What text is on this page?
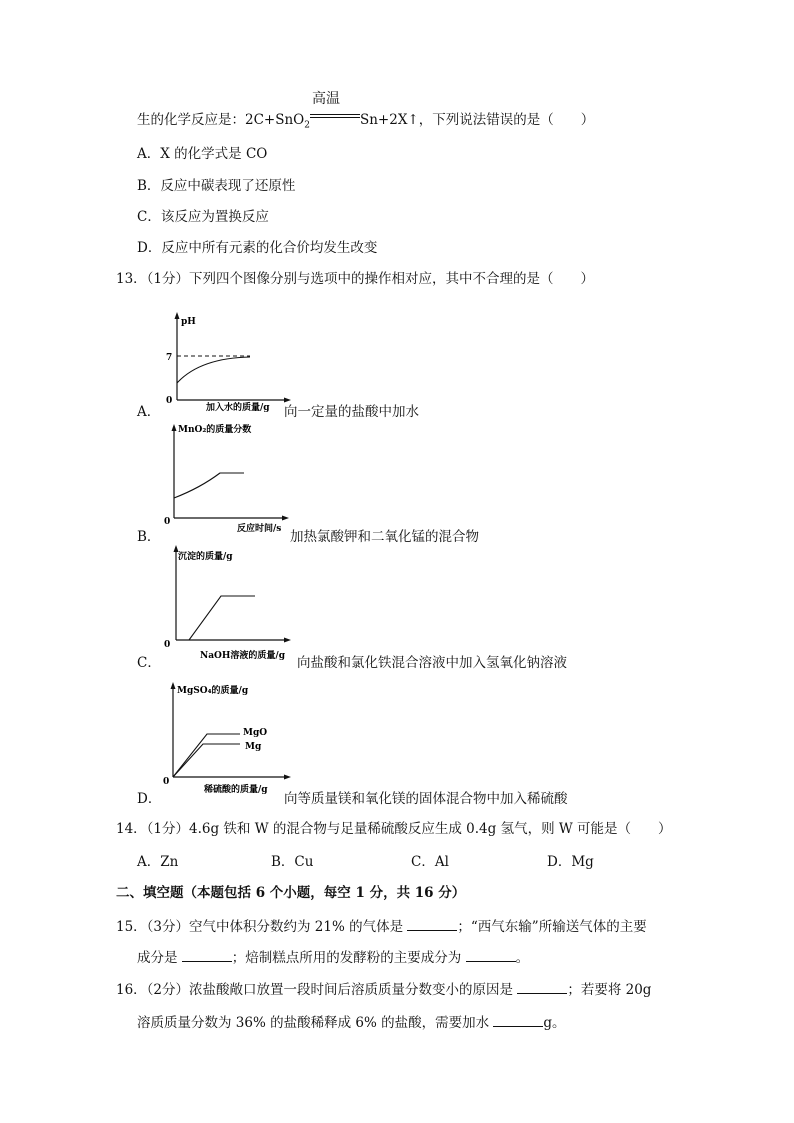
生的化学反应是：2C+SnO$_2$
高温
Sn+2X↑，下列说法错误的是（　　）
A．X 的化学式是 CO
B．反应中碳表现了还原性
C．该反应为置换反应
D．反应中所有元素的化合价均发生改变
13．（1分）下列四个图像分别与选项中的操作相对应，其中不合理的是（　　）
pH
7
0
加入水的质量/g
A．	向一定量的盐酸中加水
MnO₂的质量分数
0
反应时间/s
B．	加热氯酸钾和二氧化锰的混合物
沉淀的质量/g
0
NaOH溶液的质量/g
C．	向盐酸和氯化铁混合溶液中加入氢氧化钠溶液
MgSO₄的质量/g
MgO
Mg
0
稀硫酸的质量/g
D．	向等质量镁和氧化镁的固体混合物中加入稀硫酸
14．（1分）4.6g 铁和 W 的混合物与足量稀硫酸反应生成 0.4g 氢气，则 W 可能是（　　）
A．Zn	B．Cu	C．Al	D．Mg
二、填空题（本题包括 6 个小题，每空 1 分，共 16 分）
15．（3分）空气中体积分数约为 21% 的气体是	；“西气东输”所输送气体的主要
成分是	；焙制糕点所用的发酵粉的主要成分为	。
16．（2分）浓盐酸敞口放置一段时间后溶质质量分数变小的原因是	；若要将 20g
溶质质量分数为 36% 的盐酸稀释成 6% 的盐酸，需要加水	g。
